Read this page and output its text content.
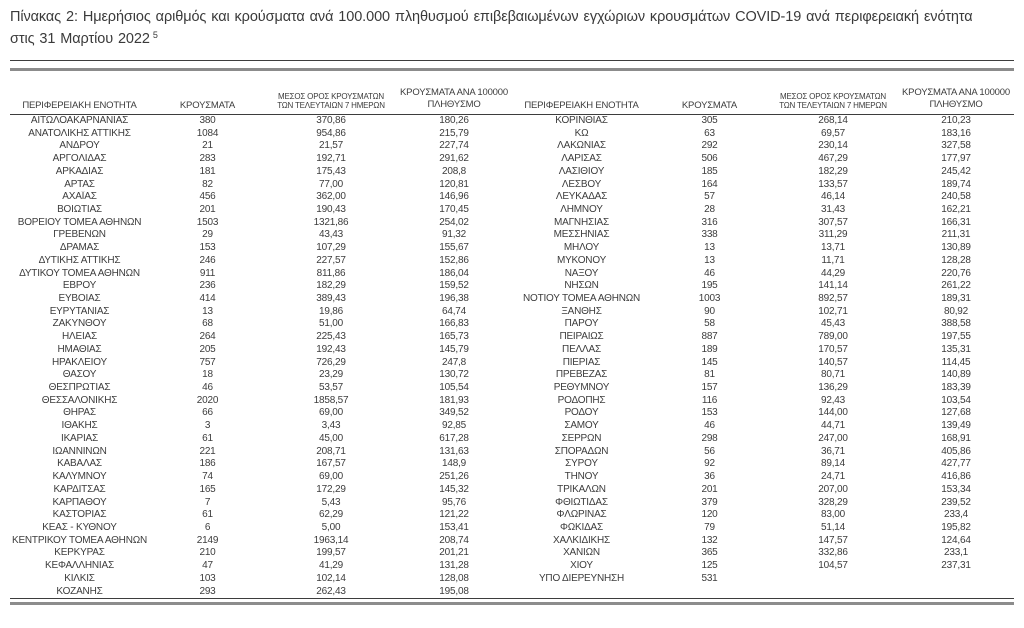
Πίνακας 2: Ημερήσιος αριθμός και κρούσματα ανά 100.000 πληθυσμού επιβεβαιωμένων εγχώριων κρουσμάτων COVID-19 ανά περιφερειακή ενότητα στις 31 Μαρτίου 2022 $^5$
ΠΕΡΙΦΕΡΕΙΑΚΗ ΕΝΟΤΗΤΑ	ΚΡΟΥΣΜΑΤΑ	ΜΕΣΟΣ ΟΡΟΣ ΚΡΟΥΣΜΑΤΩΝ
ΤΩΝ ΤΕΛΕΥΤΑΙΩΝ 7 ΗΜΕΡΩΝ	ΚΡΟΥΣΜΑΤΑ ΑΝΑ 100000
ΠΛΗΘΥΣΜΟ

ΑΙΤΩΛΟΑΚΑΡΝΑΝΙΑΣ	380	370,86	180,26
ΑΝΑΤΟΛΙΚΗΣ ΑΤΤΙΚΗΣ	1084	954,86	215,79
ΑΝΔΡΟΥ	21	21,57	227,74
ΑΡΓΟΛΙΔΑΣ	283	192,71	291,62
ΑΡΚΑΔΙΑΣ	181	175,43	208,8
ΑΡΤΑΣ	82	77,00	120,81
ΑΧΑΪΑΣ	456	362,00	146,96
ΒΟΙΩΤΙΑΣ	201	190,43	170,45
ΒΟΡΕΙΟΥ ΤΟΜΕΑ ΑΘΗΝΩΝ	1503	1321,86	254,02
ΓΡΕΒΕΝΩΝ	29	43,43	91,32
ΔΡΑΜΑΣ	153	107,29	155,67
ΔΥΤΙΚΗΣ ΑΤΤΙΚΗΣ	246	227,57	152,86
ΔΥΤΙΚΟΥ ΤΟΜΕΑ ΑΘΗΝΩΝ	911	811,86	186,04
ΕΒΡΟΥ	236	182,29	159,52
ΕΥΒΟΙΑΣ	414	389,43	196,38
ΕΥΡΥΤΑΝΙΑΣ	13	19,86	64,74
ΖΑΚΥΝΘΟΥ	68	51,00	166,83
ΗΛΕΙΑΣ	264	225,43	165,73
ΗΜΑΘΙΑΣ	205	192,43	145,79
ΗΡΑΚΛΕΙΟΥ	757	726,29	247,8
ΘΑΣΟΥ	18	23,29	130,72
ΘΕΣΠΡΩΤΙΑΣ	46	53,57	105,54
ΘΕΣΣΑΛΟΝΙΚΗΣ	2020	1858,57	181,93
ΘΗΡΑΣ	66	69,00	349,52
ΙΘΑΚΗΣ	3	3,43	92,85
ΙΚΑΡΙΑΣ	61	45,00	617,28
ΙΩΑΝΝΙΝΩΝ	221	208,71	131,63
ΚΑΒΑΛΑΣ	186	167,57	148,9
ΚΑΛΥΜΝΟΥ	74	69,00	251,26
ΚΑΡΔΙΤΣΑΣ	165	172,29	145,32
ΚΑΡΠΑΘΟΥ	7	5,43	95,76
ΚΑΣΤΟΡΙΑΣ	61	62,29	121,22
ΚΕΑΣ - ΚΥΘΝΟΥ	6	5,00	153,41
ΚΕΝΤΡΙΚΟΥ ΤΟΜΕΑ ΑΘΗΝΩΝ	2149	1963,14	208,74
ΚΕΡΚΥΡΑΣ	210	199,57	201,21
ΚΕΦΑΛΛΗΝΙΑΣ	47	41,29	131,28
ΚΙΛΚΙΣ	103	102,14	128,08
ΚΟΖΑΝΗΣ	293	262,43	195,08
ΠΕΡΙΦΕΡΕΙΑΚΗ ΕΝΟΤΗΤΑ	ΚΡΟΥΣΜΑΤΑ	ΜΕΣΟΣ ΟΡΟΣ ΚΡΟΥΣΜΑΤΩΝ
ΤΩΝ ΤΕΛΕΥΤΑΙΩΝ 7 ΗΜΕΡΩΝ	ΚΡΟΥΣΜΑΤΑ ΑΝΑ 100000
ΠΛΗΘΥΣΜΟ

ΚΟΡΙΝΘΙΑΣ	305	268,14	210,23
ΚΩ	63	69,57	183,16
ΛΑΚΩΝΙΑΣ	292	230,14	327,58
ΛΑΡΙΣΑΣ	506	467,29	177,97
ΛΑΣΙΘΙΟΥ	185	182,29	245,42
ΛΕΣΒΟΥ	164	133,57	189,74
ΛΕΥΚΑΔΑΣ	57	46,14	240,58
ΛΗΜΝΟΥ	28	31,43	162,21
ΜΑΓΝΗΣΙΑΣ	316	307,57	166,31
ΜΕΣΣΗΝΙΑΣ	338	311,29	211,31
ΜΗΛΟΥ	13	13,71	130,89
ΜΥΚΟΝΟΥ	13	11,71	128,28
ΝΑΞΟΥ	46	44,29	220,76
ΝΗΣΩΝ	195	141,14	261,22
ΝΟΤΙΟΥ ΤΟΜΕΑ ΑΘΗΝΩΝ	1003	892,57	189,31
ΞΑΝΘΗΣ	90	102,71	80,92
ΠΑΡΟΥ	58	45,43	388,58
ΠΕΙΡΑΙΩΣ	887	789,00	197,55
ΠΕΛΛΑΣ	189	170,57	135,31
ΠΙΕΡΙΑΣ	145	140,57	114,45
ΠΡΕΒΕΖΑΣ	81	80,71	140,89
ΡΕΘΥΜΝΟΥ	157	136,29	183,39
ΡΟΔΟΠΗΣ	116	92,43	103,54
ΡΟΔΟΥ	153	144,00	127,68
ΣΑΜΟΥ	46	44,71	139,49
ΣΕΡΡΩΝ	298	247,00	168,91
ΣΠΟΡΑΔΩΝ	56	36,71	405,86
ΣΥΡΟΥ	92	89,14	427,77
ΤΗΝΟΥ	36	24,71	416,86
ΤΡΙΚΑΛΩΝ	201	207,00	153,34
ΦΘΙΩΤΙΔΑΣ	379	328,29	239,52
ΦΛΩΡΙΝΑΣ	120	83,00	233,4
ΦΩΚΙΔΑΣ	79	51,14	195,82
ΧΑΛΚΙΔΙΚΗΣ	132	147,57	124,64
ΧΑΝΙΩΝ	365	332,86	233,1
ΧΙΟΥ	125	104,57	237,31
ΥΠΟ ΔΙΕΡΕΥΝΗΣΗ	531		
